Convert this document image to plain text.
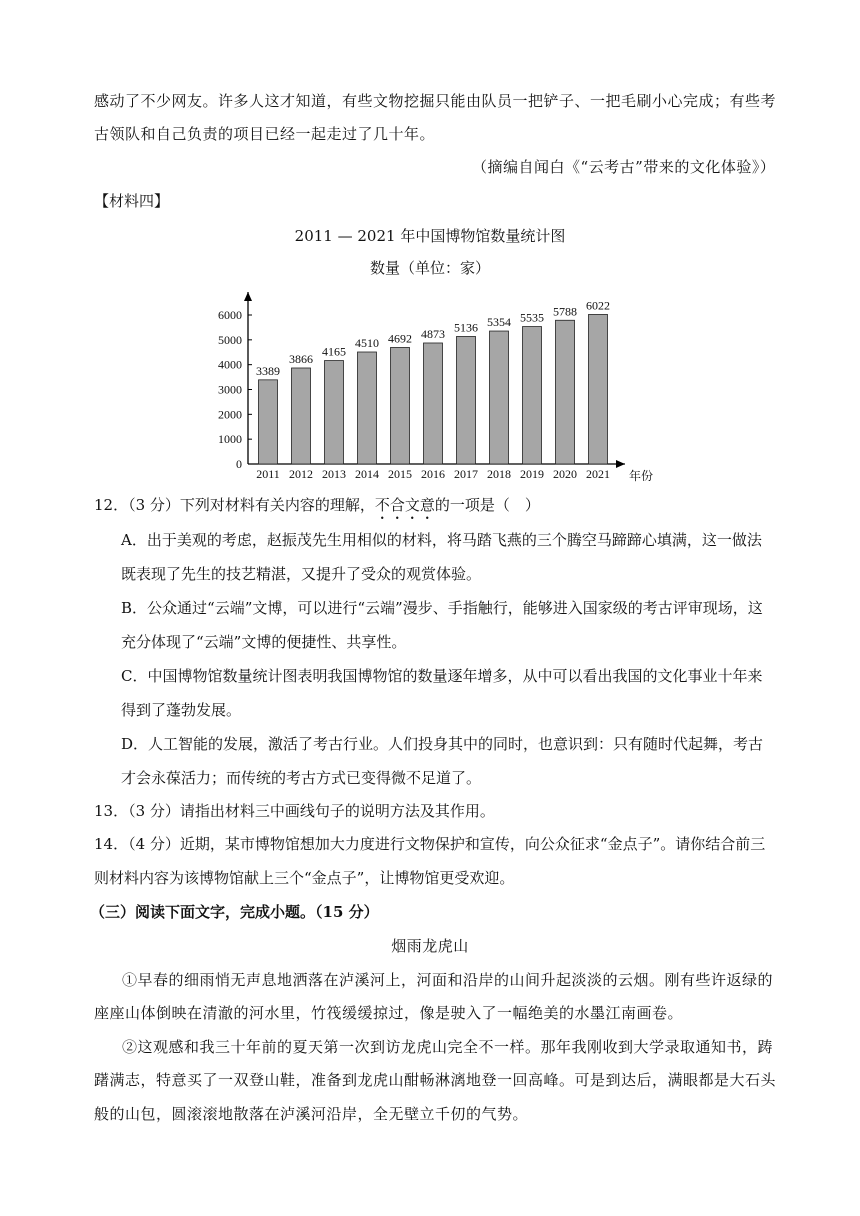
感动了不少网友。许多人这才知道，有些文物挖掘只能由队员一把铲子、一把毛刷小心完成；有些考
古领队和自己负责的项目已经一起走过了几十年。
（摘编自闻白《“云考古”带来的文化体验》）
【材料四】
2011 — 2021 年中国博物馆数量统计图
数量（单位：家）
3389
3866
4165
4510 4692 4873 5136 5354 5535 5788 6022
0
1000
2000
3000
4000
5000
6000
2011 2012 2013 2014 2015 2016 2017 2018 2019 2020 2021 年份
12．（3 分）下列对材料有关内容的理解，不合文意的一项是（　）
A．出于美观的考虑，赵振茂先生用相似的材料，将马踏飞燕的三个腾空马蹄蹄心填满，这一做法
既表现了先生的技艺精湛，又提升了受众的观赏体验。
B．公众通过“云端”文博，可以进行“云端”漫步、手指触行，能够进入国家级的考古评审现场，这
充分体现了“云端”文博的便捷性、共享性。
C．中国博物馆数量统计图表明我国博物馆的数量逐年增多，从中可以看出我国的文化事业十年来
得到了蓬勃发展。
D．人工智能的发展，激活了考古行业。人们投身其中的同时，也意识到：只有随时代起舞，考古
才会永葆活力；而传统的考古方式已变得微不足道了。
13．（3 分）请指出材料三中画线句子的说明方法及其作用。
14．（4 分）近期，某市博物馆想加大力度进行文物保护和宣传，向公众征求“金点子”。请你结合前三
则材料内容为该博物馆献上三个“金点子”，让博物馆更受欢迎。
（三）阅读下面文字，完成小题。（15 分）
烟雨龙虎山
①早春的细雨悄无声息地洒落在泸溪河上，河面和沿岸的山间升起淡淡的云烟。刚有些许返绿的
座座山体倒映在清澈的河水里，竹筏缓缓掠过，像是驶入了一幅绝美的水墨江南画卷。
②这观感和我三十年前的夏天第一次到访龙虎山完全不一样。那年我刚收到大学录取通知书，踌
躇满志，特意买了一双登山鞋，准备到龙虎山酣畅淋漓地登一回高峰。可是到达后，满眼都是大石头
般的山包，圆滚滚地散落在泸溪河沿岸，全无壁立千仞的气势。
